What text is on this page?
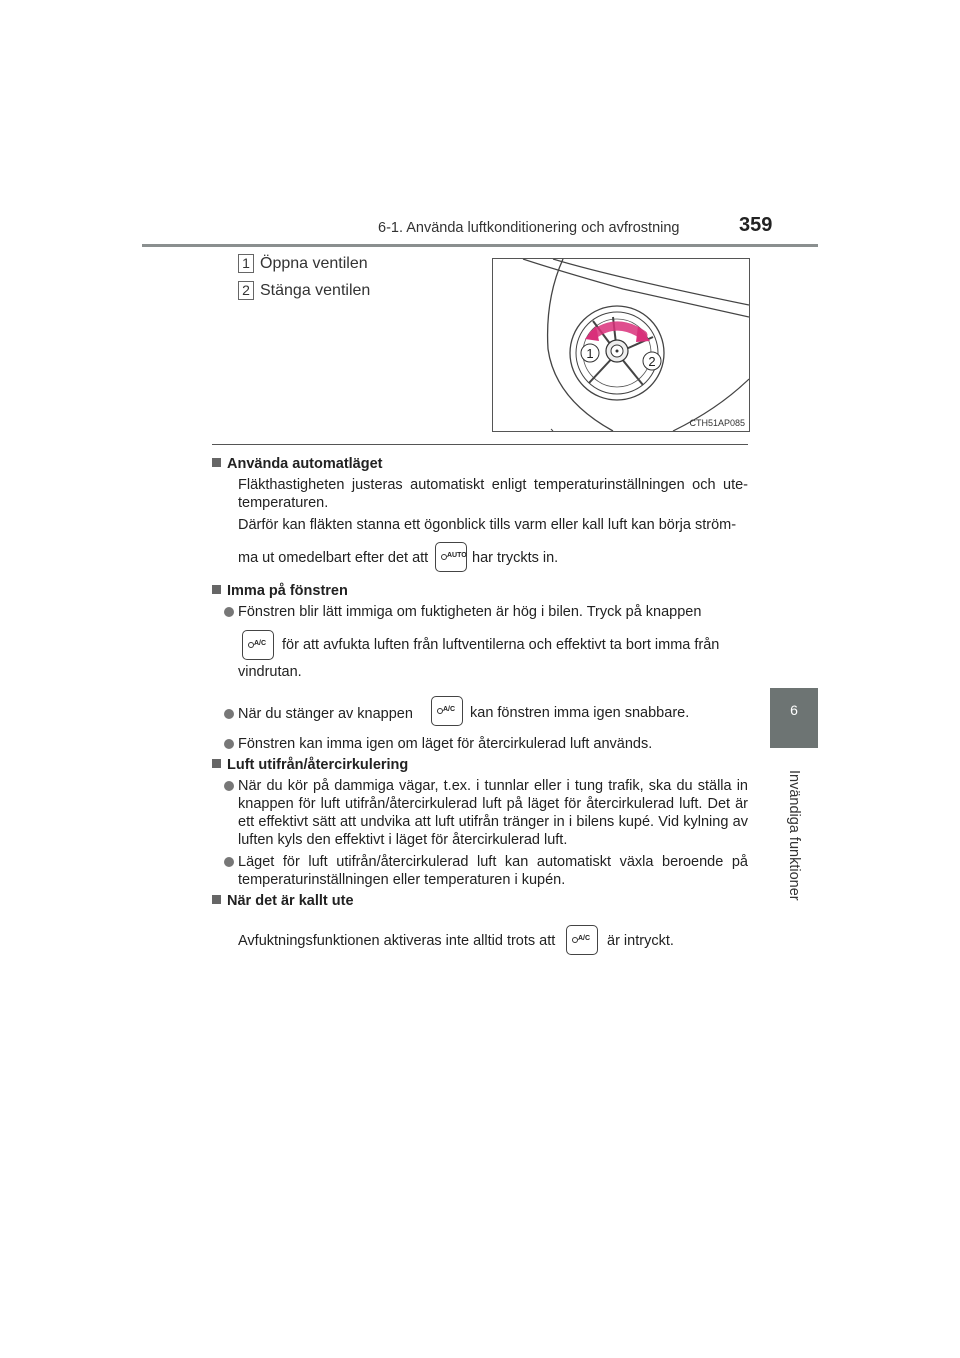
6-1. Använda luftkonditionering och avfrostning	359
6
Invändiga funktioner
1 Öppna ventilen
2 Stänga ventilen
1
2
CTH51AP085
Använda automatläget
Fläkthastigheten justeras automatiskt enligt temperaturinställningen och ute-temperaturen.
Därför kan fläkten stanna ett ögonblick tills varm eller kall luft kan börja ström-
ma ut omedelbart efter det att	AUTO har tryckts in.
Imma på fönstren
Fönstren blir lätt immiga om fuktigheten är hög i bilen. Tryck på knappen
A/C för att avfukta luften från luftventilerna och effektivt ta bort imma från
vindrutan.
När du stänger av knappen	A/C kan fönstren imma igen snabbare.
Fönstren kan imma igen om läget för återcirkulerad luft används.
Luft utifrån/återcirkulering
När du kör på dammiga vägar, t.ex. i tunnlar eller i tung trafik, ska du ställa in knappen för luft utifrån/återcirkulerad luft på läget för återcirkulerad luft. Det är ett effektivt sätt att undvika att luft utifrån tränger in i bilens kupé. Vid kylning av luften kyls den effektivt i läget för återcirkulerad luft.
Läget för luft utifrån/återcirkulerad luft kan automatiskt växla beroende på temperaturinställningen eller temperaturen i kupén.
När det är kallt ute
Avfuktningsfunktionen aktiveras inte alltid trots att	A/C är intryckt.
